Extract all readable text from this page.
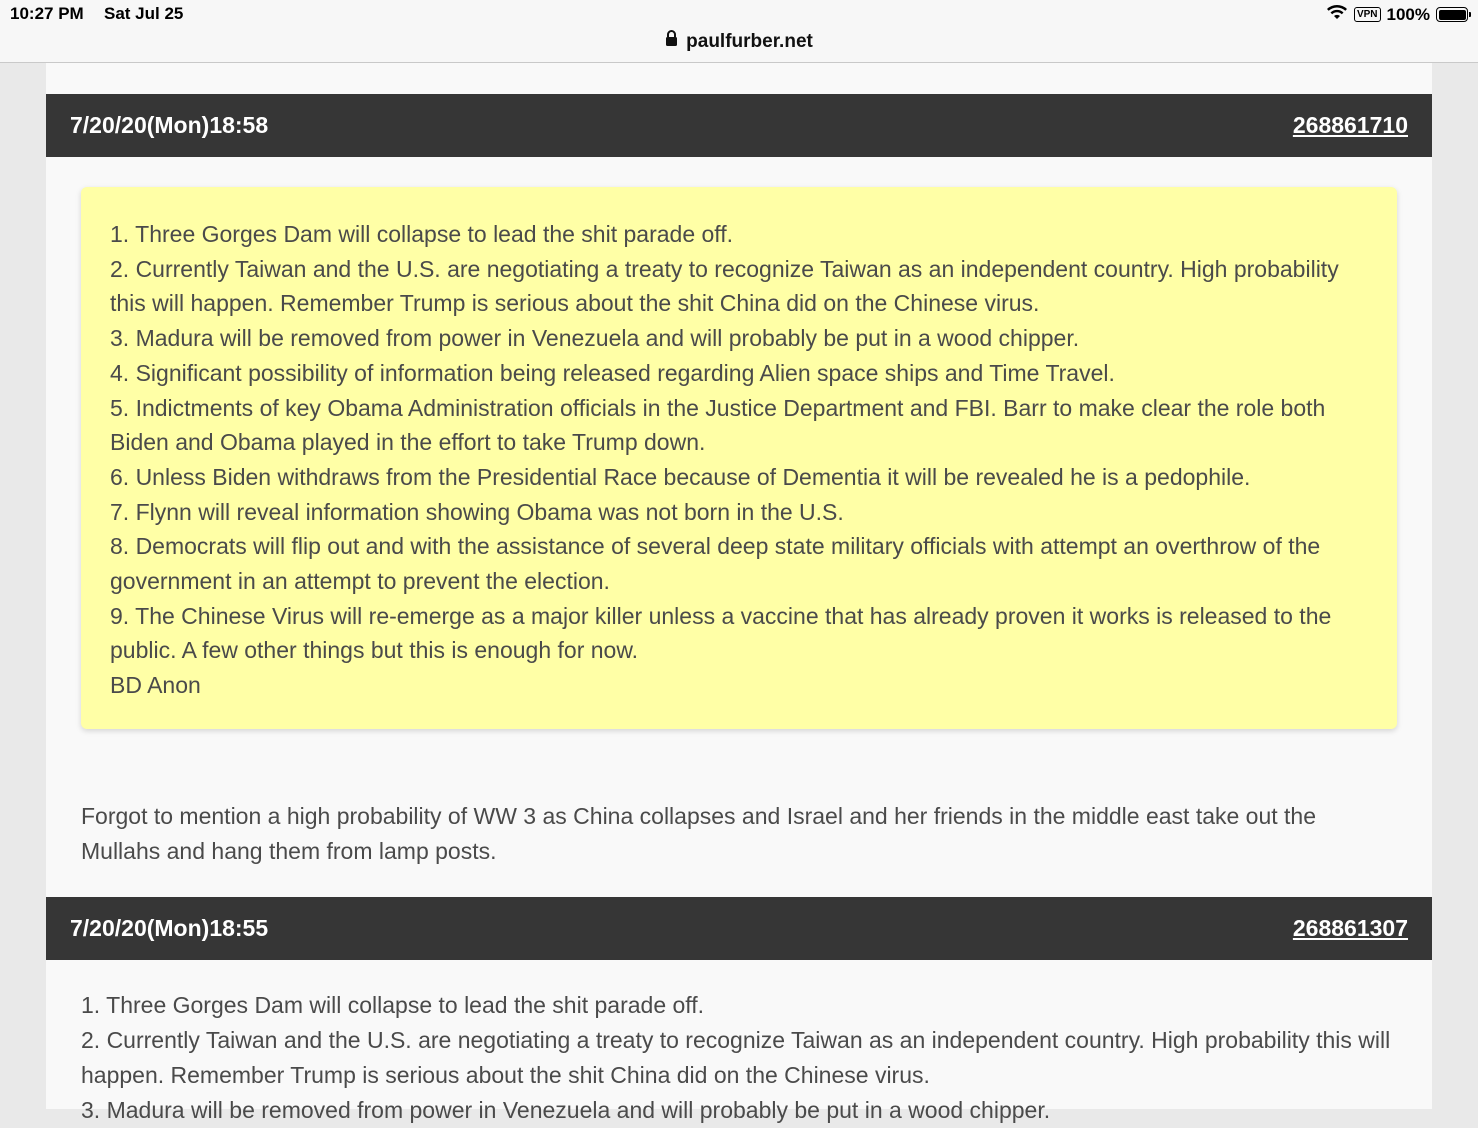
10:27 PM Sat Jul 25	VPN 100%
paulfurber.net
7/20/20(Mon)18:58	268861710

1. Three Gorges Dam will collapse to lead the shit parade off.

2. Currently Taiwan and the U.S. are negotiating a treaty to recognize Taiwan as an independent country. High probability this will happen. Remember Trump is serious about the shit China did on the Chinese virus.

3. Madura will be removed from power in Venezuela and will probably be put in a wood chipper.

4. Significant possibility of information being released regarding Alien space ships and Time Travel.

5. Indictments of key Obama Administration officials in the Justice Department and FBI. Barr to make clear the role both Biden and Obama played in the effort to take Trump down.

6. Unless Biden withdraws from the Presidential Race because of Dementia it will be revealed he is a pedophile.

7. Flynn will reveal information showing Obama was not born in the U.S.

8. Democrats will flip out and with the assistance of several deep state military officials with attempt an overthrow of the government in an attempt to prevent the election.

9. The Chinese Virus will re-emerge as a major killer unless a vaccine that has already proven it works is released to the public. A few other things but this is enough for now.

BD Anon

Forgot to mention a high probability of WW 3 as China collapses and Israel and her friends in the middle east take out the Mullahs and hang them from lamp posts.

7/20/20(Mon)18:55	268861307

1. Three Gorges Dam will collapse to lead the shit parade off.

2. Currently Taiwan and the U.S. are negotiating a treaty to recognize Taiwan as an independent country. High probability this will happen. Remember Trump is serious about the shit China did on the Chinese virus.

3. Madura will be removed from power in Venezuela and will probably be put in a wood chipper.
